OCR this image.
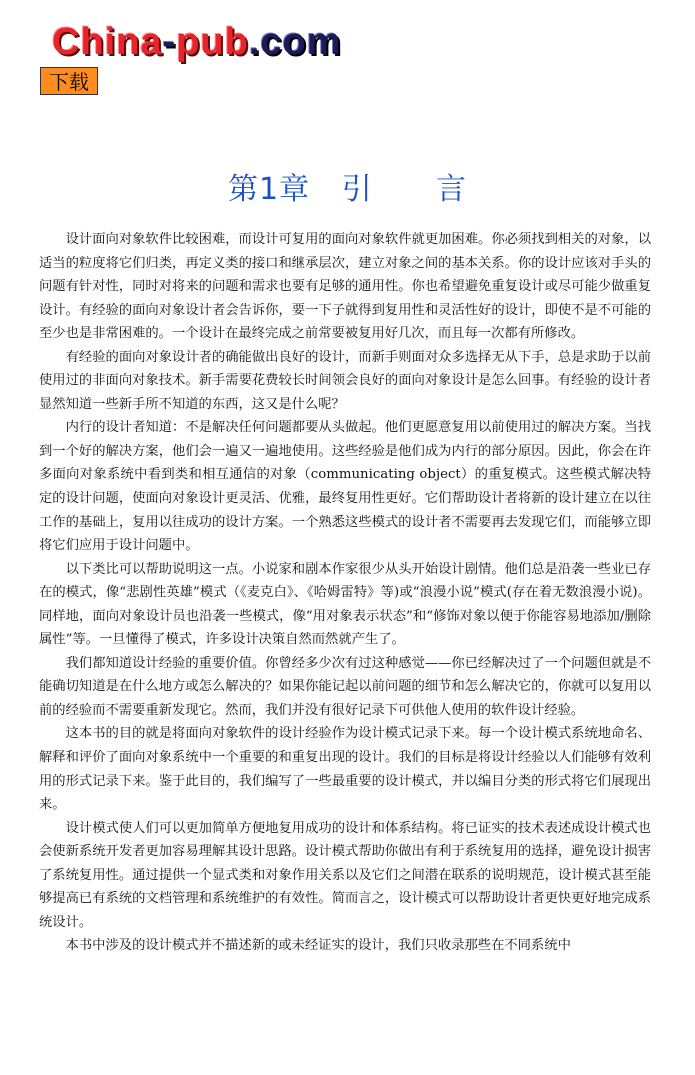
China-pub.com
下载
第1章   引      言

设计面向对象软件比较困难，而设计可复用的面向对象软件就更加困难。你必须找到相关的对象，以适当的粒度将它们归类，再定义类的接口和继承层次，建立对象之间的基本关系。你的设计应该对手头的问题有针对性，同时对将来的问题和需求也要有足够的通用性。你也希望避免重复设计或尽可能少做重复设计。有经验的面向对象设计者会告诉你，要一下子就得到复用性和灵活性好的设计，即使不是不可能的至少也是非常困难的。一个设计在最终完成之前常要被复用好几次，而且每一次都有所修改。

有经验的面向对象设计者的确能做出良好的设计，而新手则面对众多选择无从下手，总是求助于以前使用过的非面向对象技术。新手需要花费较长时间领会良好的面向对象设计是怎么回事。有经验的设计者显然知道一些新手所不知道的东西，这又是什么呢？

内行的设计者知道：不是解决任何问题都要从头做起。他们更愿意复用以前使用过的解决方案。当找到一个好的解决方案，他们会一遍又一遍地使用。这些经验是他们成为内行的部分原因。因此，你会在许多面向对象系统中看到类和相互通信的对象（communicating object）的重复模式。这些模式解决特定的设计问题，使面向对象设计更灵活、优雅，最终复用性更好。它们帮助设计者将新的设计建立在以往工作的基础上，复用以往成功的设计方案。一个熟悉这些模式的设计者不需要再去发现它们，而能够立即将它们应用于设计问题中。

以下类比可以帮助说明这一点。小说家和剧本作家很少从头开始设计剧情。他们总是沿袭一些业已存在的模式，像“悲剧性英雄”模式（《麦克白》、《哈姆雷特》等)或“浪漫小说”模式(存在着无数浪漫小说)。同样地，面向对象设计员也沿袭一些模式，像“用对象表示状态”和“修饰对象以便于你能容易地添加/删除属性”等。一旦懂得了模式，许多设计决策自然而然就产生了。

我们都知道设计经验的重要价值。你曾经多少次有过这种感觉——你已经解决过了一个问题但就是不能确切知道是在什么地方或怎么解决的？如果你能记起以前问题的细节和怎么解决它的，你就可以复用以前的经验而不需要重新发现它。然而，我们并没有很好记录下可供他人使用的软件设计经验。

这本书的目的就是将面向对象软件的设计经验作为设计模式记录下来。每一个设计模式系统地命名、解释和评价了面向对象系统中一个重要的和重复出现的设计。我们的目标是将设计经验以人们能够有效利用的形式记录下来。鉴于此目的，我们编写了一些最重要的设计模式，并以编目分类的形式将它们展现出来。

设计模式使人们可以更加简单方便地复用成功的设计和体系结构。将已证实的技术表述成设计模式也会使新系统开发者更加容易理解其设计思路。设计模式帮助你做出有利于系统复用的选择，避免设计损害了系统复用性。通过提供一个显式类和对象作用关系以及它们之间潜在联系的说明规范，设计模式甚至能够提高已有系统的文档管理和系统维护的有效性。简而言之，设计模式可以帮助设计者更快更好地完成系统设计。

本书中涉及的设计模式并不描述新的或未经证实的设计，我们只收录那些在不同系统中
